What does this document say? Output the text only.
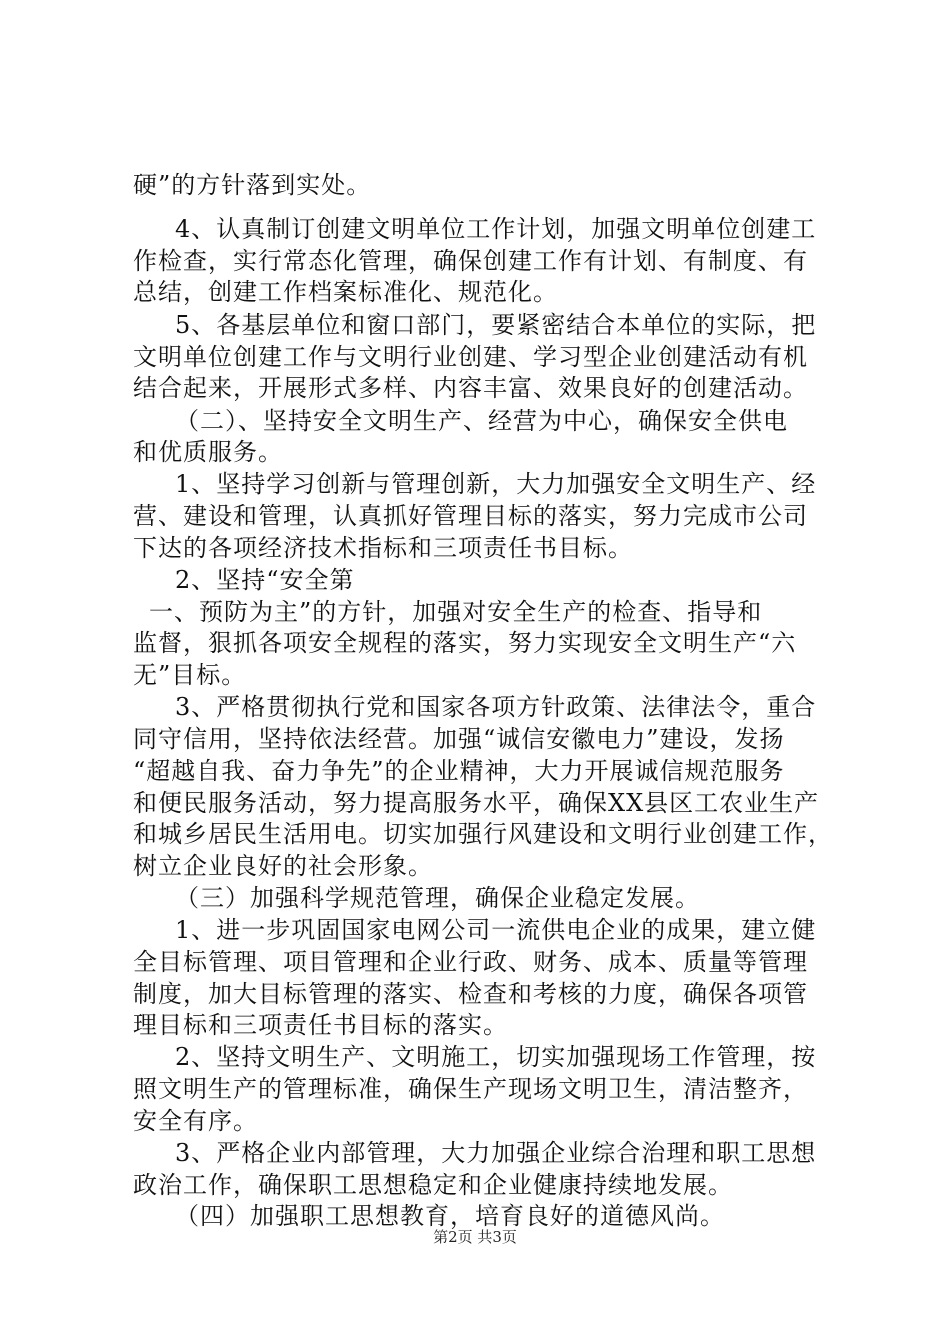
硬”的方针落到实处。
4、认真制订创建文明单位工作计划，加强文明单位创建工
作检查，实行常态化管理，确保创建工作有计划、有制度、有
总结，创建工作档案标准化、规范化。
5、各基层单位和窗口部门，要紧密结合本单位的实际，把
文明单位创建工作与文明行业创建、学习型企业创建活动有机
结合起来，开展形式多样、内容丰富、效果良好的创建活动。
（二）、坚持安全文明生产、经营为中心，确保安全供电
和优质服务。
1、坚持学习创新与管理创新，大力加强安全文明生产、经
营、建设和管理，认真抓好管理目标的落实，努力完成市公司
下达的各项经济技术指标和三项责任书目标。
2、坚持“安全第
一、预防为主”的方针，加强对安全生产的检查、指导和
监督，狠抓各项安全规程的落实，努力实现安全文明生产“六
无”目标。
3、严格贯彻执行党和国家各项方针政策、法律法令，重合
同守信用，坚持依法经营。加强“诚信安徽电力”建设，发扬
“超越自我、奋力争先”的企业精神，大力开展诚信规范服务
和便民服务活动，努力提高服务水平，确保XX县区工农业生产
和城乡居民生活用电。切实加强行风建设和文明行业创建工作，
树立企业良好的社会形象。
（三）加强科学规范管理，确保企业稳定发展。
1、进一步巩固国家电网公司一流供电企业的成果，建立健
全目标管理、项目管理和企业行政、财务、成本、质量等管理
制度，加大目标管理的落实、检查和考核的力度，确保各项管
理目标和三项责任书目标的落实。
2、坚持文明生产、文明施工，切实加强现场工作管理，按
照文明生产的管理标准，确保生产现场文明卫生，清洁整齐，
安全有序。
3、严格企业内部管理，大力加强企业综合治理和职工思想
政治工作，确保职工思想稳定和企业健康持续地发展。
（四）加强职工思想教育，培育良好的道德风尚。
第2页 共3页
